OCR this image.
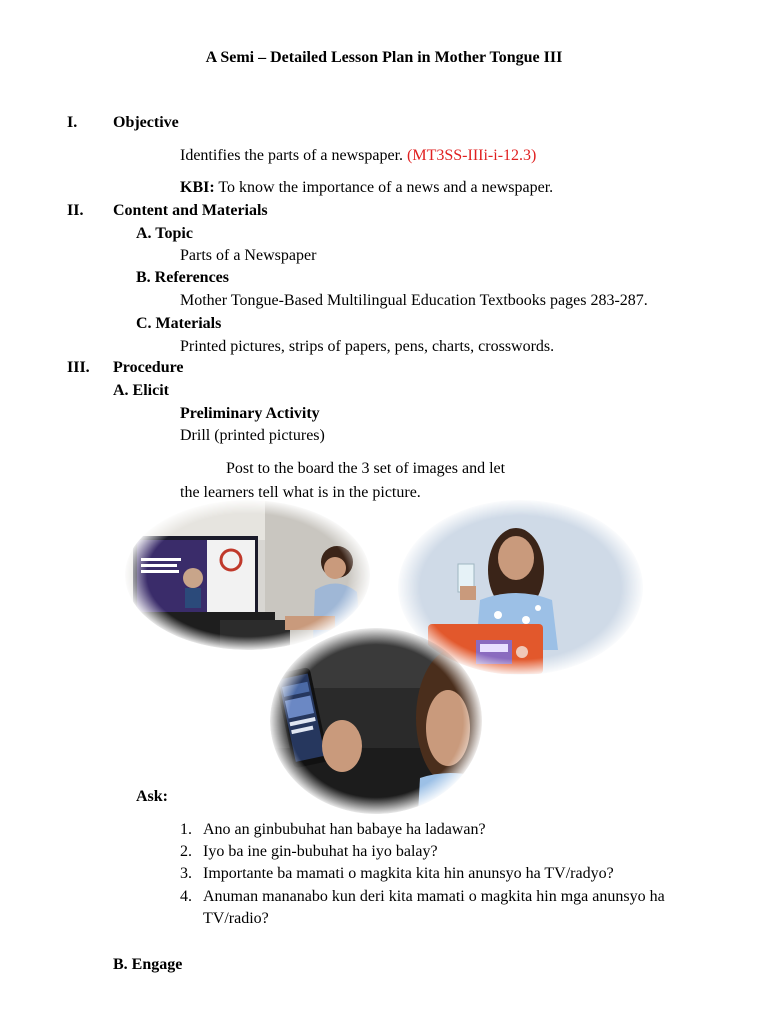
A Semi – Detailed Lesson Plan in Mother Tongue III
I. Objective
Identifies the parts of a newspaper. (MT3SS-IIIi-i-12.3)
KBI: To know the importance of a news and a newspaper.
II. Content and Materials
A. Topic
Parts of a Newspaper
B. References
Mother Tongue-Based Multilingual Education Textbooks pages 283-287.
C. Materials
Printed pictures, strips of papers, pens, charts, crosswords.
III. Procedure
A. Elicit
Preliminary Activity
Drill (printed pictures)
Post to the board the 3 set of images and let
the learners tell what is in the picture.
Ask:
1. Ano an ginbubuhat han babaye ha ladawan?
2. Iyo ba ine gin-bubuhat ha iyo balay?
3. Importante ba mamati o magkita kita hin anunsyo ha TV/radyo?
4. Anuman mananabo kun deri kita mamati o magkita hin mga anunsyo ha
TV/radio?
B. Engage
